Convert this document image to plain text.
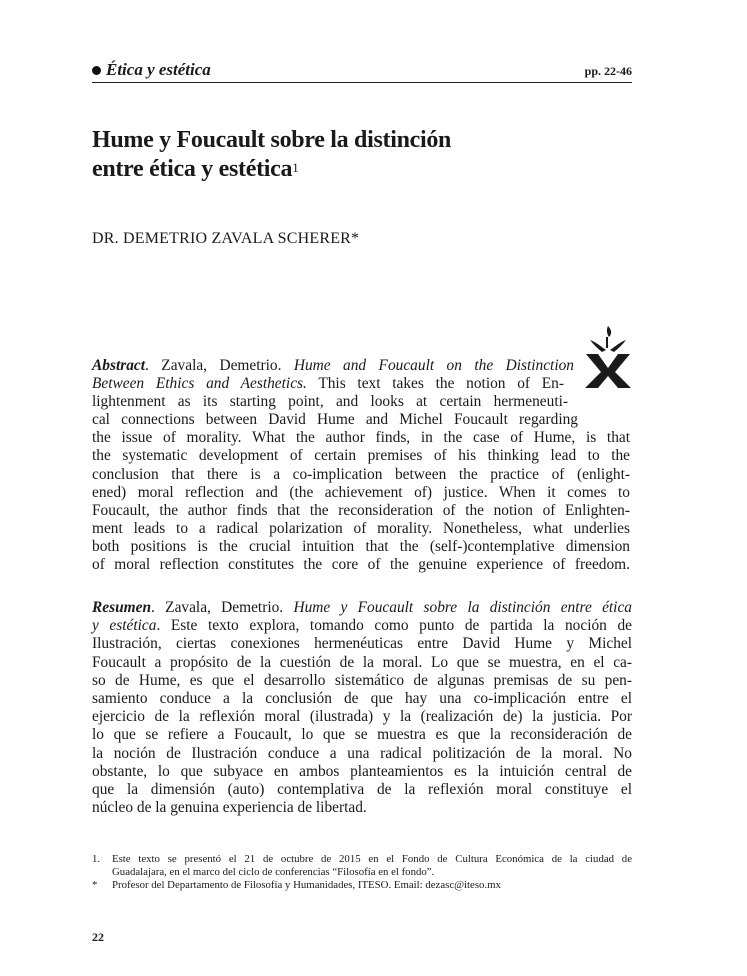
Ética y estética	pp. 22-46
Hume y Foucault sobre la distinción
entre ética y estética$^1$
DR. DEMETRIO ZAVALA SCHERER*

Abstract. Zavala, Demetrio. Hume and Foucault on the Distinction
Between Ethics and Aesthetics. This text takes the notion of En-
lightenment as its starting point, and looks at certain hermeneuti-
cal connections between David Hume and Michel Foucault regarding
the issue of morality. What the author finds, in the case of Hume, is that
the systematic development of certain premises of his thinking lead to the
conclusion that there is a co-implication between the practice of (enlight-
ened) moral reflection and (the achievement of) justice. When it comes to
Foucault, the author finds that the reconsideration of the notion of Enlighten-
ment leads to a radical polarization of morality. Nonetheless, what underlies
both positions is the crucial intuition that the (self-)contemplative dimension
of moral reflection constitutes the core of the genuine experience of freedom.

Resumen. Zavala, Demetrio. Hume y Foucault sobre la distinción entre ética
y estética. Este texto explora, tomando como punto de partida la noción de
Ilustración, ciertas conexiones hermenéuticas entre David Hume y Michel
Foucault a propósito de la cuestión de la moral. Lo que se muestra, en el ca-
so de Hume, es que el desarrollo sistemático de algunas premisas de su pen-
samiento conduce a la conclusión de que hay una co-implicación entre el
ejercicio de la reflexión moral (ilustrada) y la (realización de) la justicia. Por
lo que se refiere a Foucault, lo que se muestra es que la reconsideración de
la noción de Ilustración conduce a una radical politización de la moral. No
obstante, lo que subyace en ambos planteamientos es la intuición central de
que la dimensión (auto) contemplativa de la reflexión moral constituye el
núcleo de la genuina experiencia de libertad.
1. Este texto se presentó el 21 de octubre de 2015 en el Fondo de Cultura Económica de la ciudad de
Guadalajara, en el marco del ciclo de conferencias “Filosofía en el fondo”.
* Profesor del Departamento de Filosofía y Humanidades, ITESO. Email: dezasc@iteso.mx
22
